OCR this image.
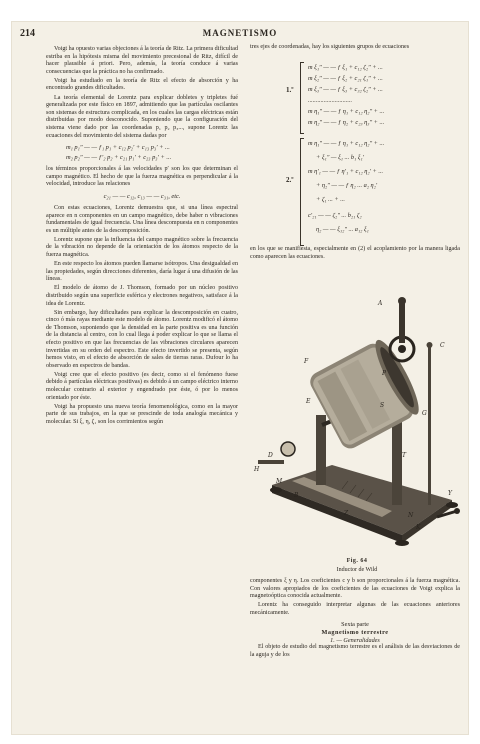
214	MAGNETISMO

Voigt ha opuesto varias objeciones á la teoría de Ritz. La primera dificultad estriba en la hipótesis misma del movimiento precesional de Ritz, difícil de hacer plausible á priori. Pero, además, la teoría conduce á varias consecuencias que la práctica no ha confirmado.

Voigt ha estudiado en la teoría de Ritz el efecto de absorción y ha encontrado grandes dificultades.

La teoría elemental de Lorentz para explicar dobletes y tripletes fué generalizada por este físico en 1897, admitiendo que las partículas oscilantes son sistemas de estructura complicada, en los cuales las cargas eléctricas están distribuidas por modo desconocido. Suponiendo que la configuración del sistema viene dado por las coordenadas p₁ p₂ p₃..., supone Lorentz las ecuaciones del movimiento del sistema dadas por

m₁ p₁″ — — ƒ₁ p₁ + c₁₂ p₂′ + c₁₃ p₃′ + ...
m₂ p₂″ — — ƒ′₂ p₂ + c₂₁ p₁′ + c₂₃ p₃′ + ...

los términos proporcionales á las velocidades p′ son los que determinan el campo magnético. El hecho de que la fuerza magnética es perpendicular á la velocidad, introduce las relaciones

c₂₁ — — c₁₂, c₁₃ — — c₃₁, etc.

Con estas ecuaciones, Lorentz demuestra que, si una línea espectral aparece en n componentes en un campo magnético, debe haber n vibraciones fundamentales de igual frecuencia. Una línea descompuesta en n componentes es un múltiple antes de la descomposición.

Lorentz supone que la influencia del campo magnético sobre la frecuencia de la vibración no depende de la orientación de los átomos respecto de la fuerza magnética.

En este respecto los átomos pueden llamarse isótropos. Una desigualdad en las propiedades, según direcciones diferentes, daría lugar á una difusión de las líneas.

El modelo de átomo de J. Thomson, formado por un núcleo positivo distribuido según una superficie esférica y electrones negativos, satisface á la idea de Lorentz.

Sin embargo, hay dificultades para explicar la descomposición en cuatro, cinco ó más rayas mediante este modelo de átomo. Lorentz modificó el átomo de Thomson, suponiendo que la densidad en la parte positiva es una función de la distancia al centro, con lo cual llega á poder explicar lo que se llama el efecto positivo en que las frecuencias de las vibraciones circulares aparecen invertidas en su orden del espectro. Este efecto invertido se presenta, según hemos visto, en el efecto de absorción de sales de tierras raras. Dufour lo ha observado en espectros de bandas.

Voigt cree que el efecto positivo (es decir, como si el fenómeno fuese debido á partículas eléctricas positivas) es debido á un campo eléctrico interno molecular contrario al exterior y engendrado por éste, ó por lo menos orientado por éste.

Voigt ha propuesto una nueva teoría fenomenológica, como en la mayor parte de sus trabajos, en la que se prescinde de toda analogía mecánica y molecular. Si ξ, η, ζ₁ son los corrimientos según

tres ejes de coordenadas, hay los siguientes grupos de ecuaciones

1.º
m ξ₁″ — — ƒ ξ₁ + c₁₂ ζ₂″ + ...
m ξ₂″ — — ƒ ξ₂ + c₂₁ ζ₁″ + ...
m ξ₃″ — — ƒ ξ₃ + c₃₂ ζ₂″ + ...
............................
m η₁″ — — ƒ η₁ + c₁₂ η₂″ + ...
m η₂″ — — ƒ η₂ + c₂₃ η₃″ + ...
2.º
m η₁″ — — ƒ η₁ + c₁₂ η₂″ + ...
+ ξ₁″ — ξ₁ ... b₁ ξ₁′
m η′₁ — — ƒ η′₁ + c₁₂ η₂′ + ...
+ η₂″ — — ƒ η₂ ... a₂ η₂′
+ ζ₁ ... + ...
c′₂₁ — — ζ₂″ ... b₂₁ ζ₂
η₂ — — ξ₁₂″ ... a₁₂ ξ₁

en los que se manifiesta, especialmente en (2) el acoplamiento por la manera ligada como aparecen las ecuaciones.

A
B
C
D
E
F
G
H
K
M
N
P
S
T
Y
Z
Fig. 64
Inductor de Wild

componentes ξ y η. Los coeficientes c y b son proporcionales á la fuerza magnética. Con valores apropiados de los coeficientes de las ecuaciones de Voigt explica la magnetoóptica conocida actualmente.

Lorentz ha conseguido interpretar algunas de las ecuaciones anteriores mecánicamente.

Sexta parte
Magnetismo terrestre
1. — Generalidades

El objeto de estudio del magnetismo terrestre es el análisis de las desviaciones de la aguja y de los
